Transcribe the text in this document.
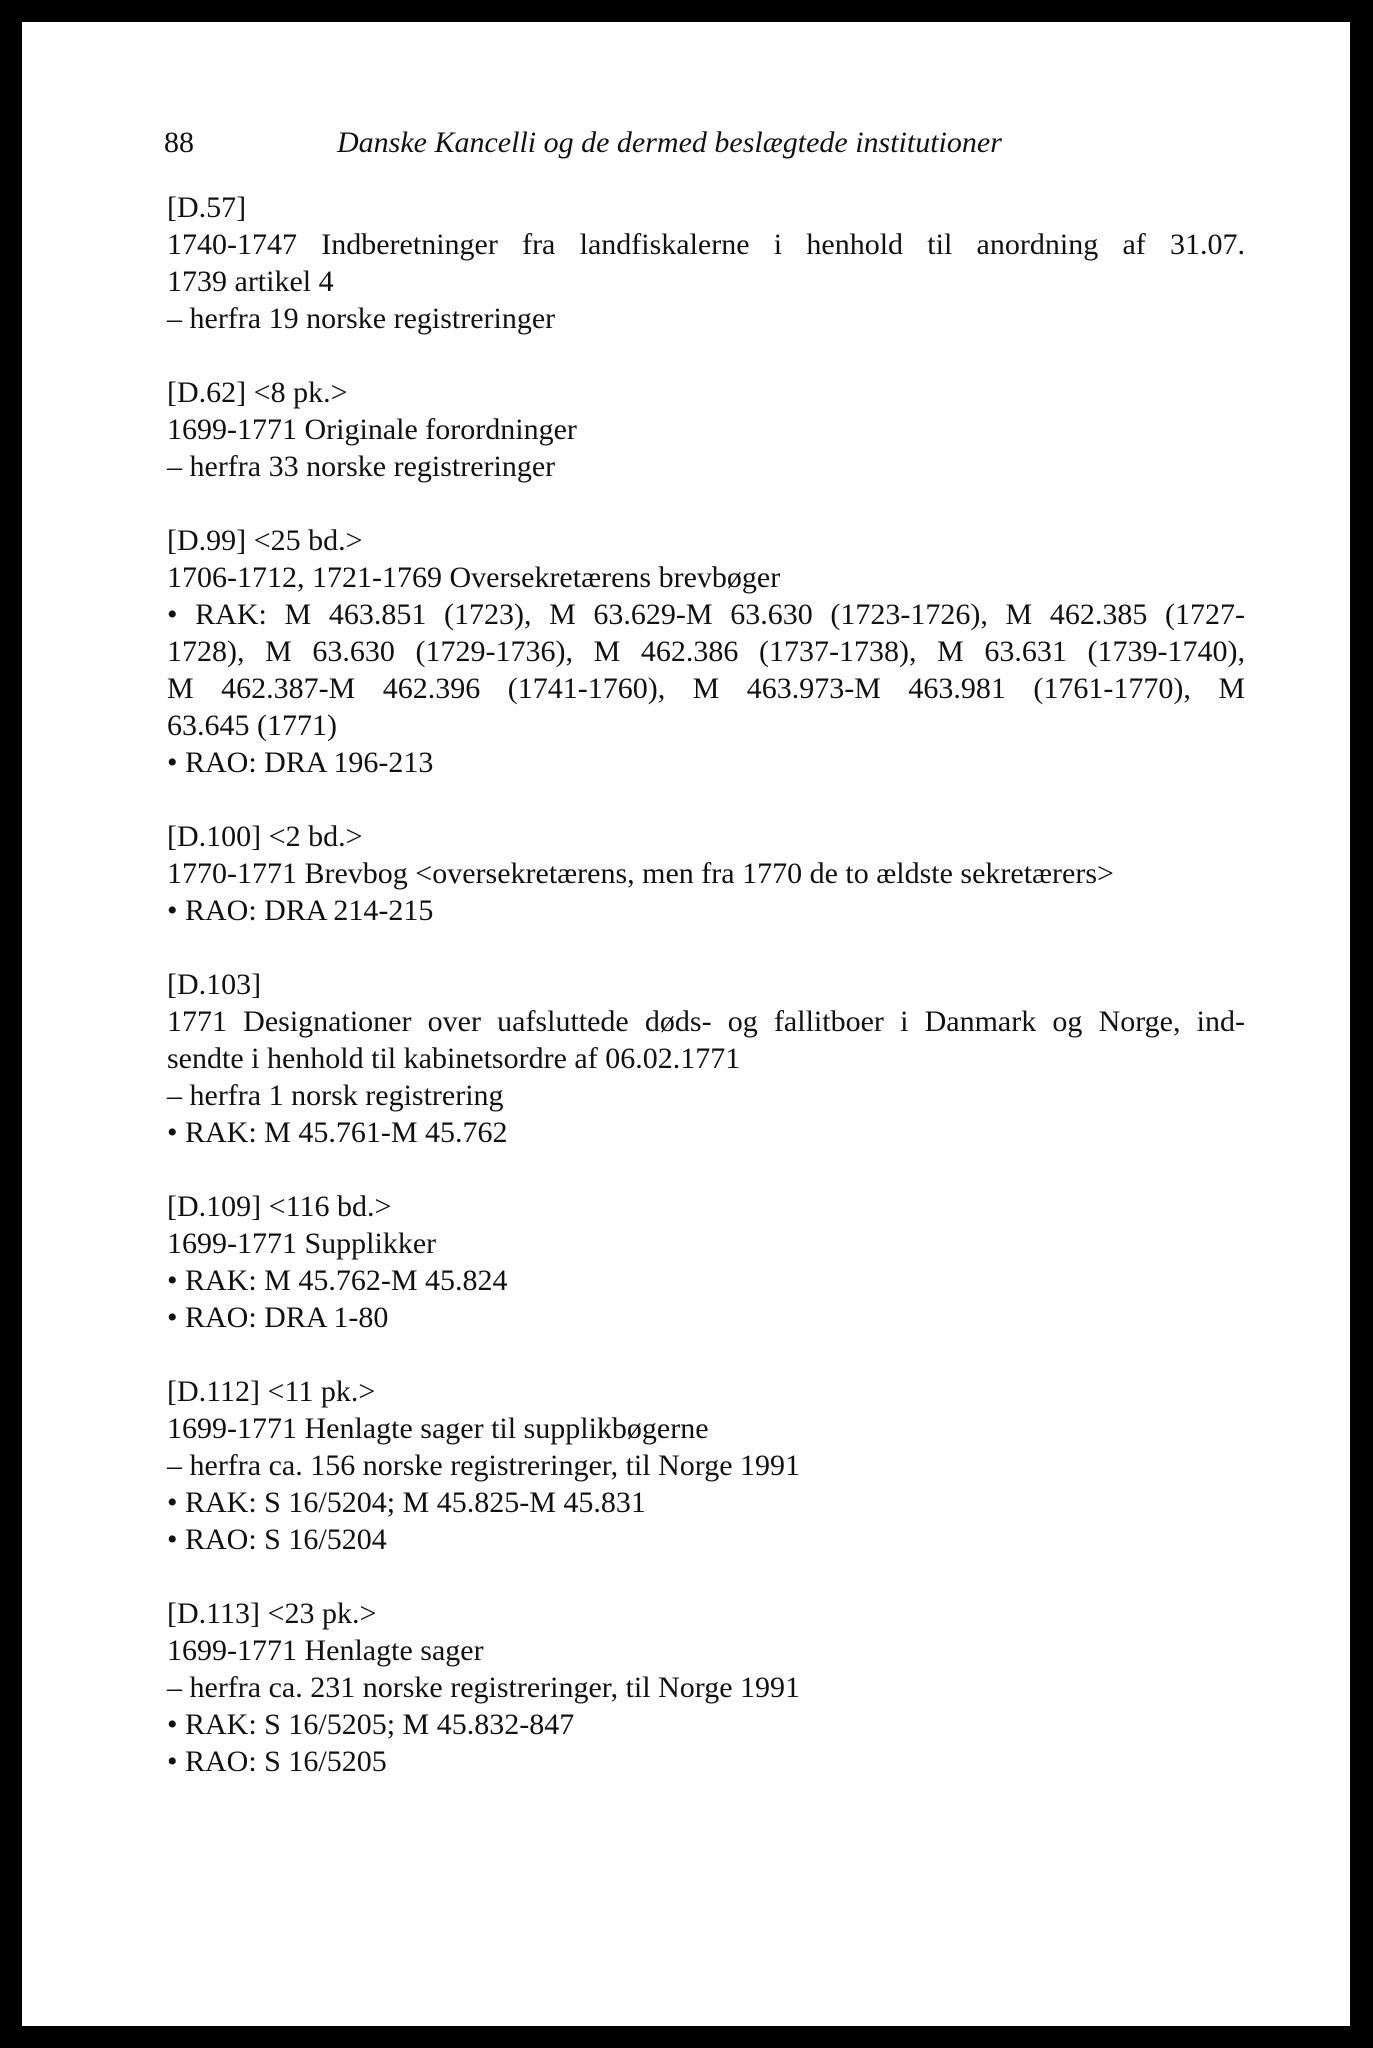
88	Danske Kancelli og de dermed beslægtede institutioner
[D.57]
1740-1747 Indberetninger fra landfiskalerne i henhold til anordning af 31.07.
1739 artikel 4
– herfra 19 norske registreringer
[D.62] <8 pk.>
1699-1771 Originale forordninger
– herfra 33 norske registreringer
[D.99] <25 bd.>
1706-1712, 1721-1769 Oversekretærens brevbøger
• RAK: M 463.851 (1723), M 63.629-M 63.630 (1723-1726), M 462.385 (1727-
1728), M 63.630 (1729-1736), M 462.386 (1737-1738), M 63.631 (1739-1740),
M 462.387-M 462.396 (1741-1760), M 463.973-M 463.981 (1761-1770), M
63.645 (1771)
• RAO: DRA 196-213
[D.100] <2 bd.>
1770-1771 Brevbog <oversekretærens, men fra 1770 de to ældste sekretærers>
• RAO: DRA 214-215
[D.103]
1771 Designationer over uafsluttede døds- og fallitboer i Danmark og Norge, ind-
sendte i henhold til kabinetsordre af 06.02.1771
– herfra 1 norsk registrering
• RAK: M 45.761-M 45.762
[D.109] <116 bd.>
1699-1771 Supplikker
• RAK: M 45.762-M 45.824
• RAO: DRA 1-80
[D.112] <11 pk.>
1699-1771 Henlagte sager til supplikbøgerne
– herfra ca. 156 norske registreringer, til Norge 1991
• RAK: S 16/5204; M 45.825-M 45.831
• RAO: S 16/5204
[D.113] <23 pk.>
1699-1771 Henlagte sager
– herfra ca. 231 norske registreringer, til Norge 1991
• RAK: S 16/5205; M 45.832-847
• RAO: S 16/5205
